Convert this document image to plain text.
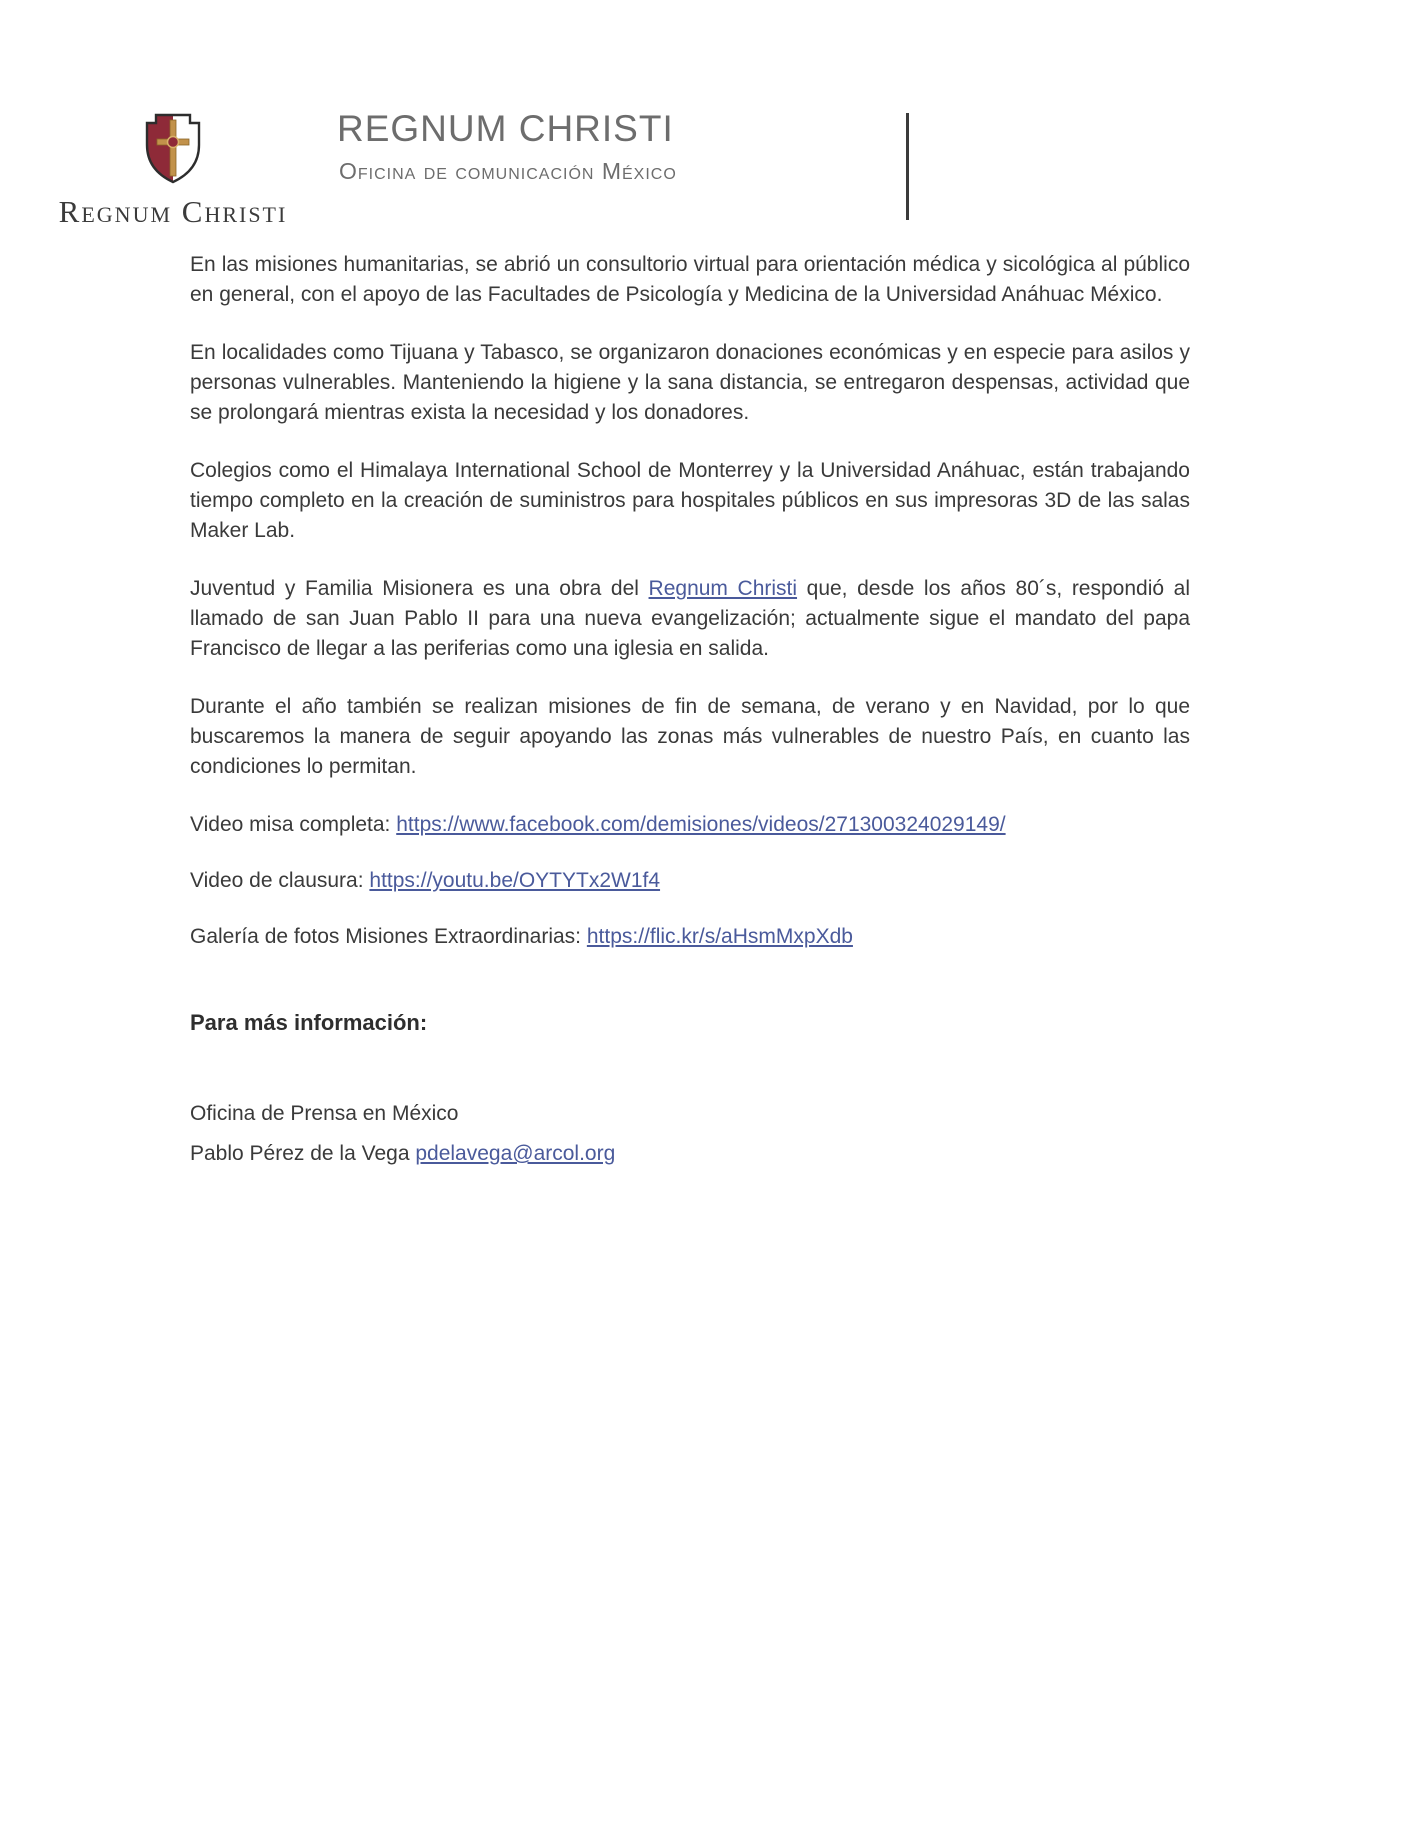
Regnum Christi
REGNUM CHRISTI
Oficina de comunicación México

En las misiones humanitarias, se abrió un consultorio virtual para orientación médica y sicológica al público en general, con el apoyo de las Facultades de Psicología y Medicina de la Universidad Anáhuac México.

En localidades como Tijuana y Tabasco, se organizaron donaciones económicas y en especie para asilos y personas vulnerables. Manteniendo la higiene y la sana distancia, se entregaron despensas, actividad que se prolongará mientras exista la necesidad y los donadores.

Colegios como el Himalaya International School de Monterrey y la Universidad Anáhuac, están trabajando tiempo completo en la creación de suministros para hospitales públicos en sus impresoras 3D de las salas Maker Lab.

Juventud y Familia Misionera es una obra del Regnum Christi que, desde los años 80´s, respondió al llamado de san Juan Pablo II para una nueva evangelización; actualmente sigue el mandato del papa Francisco de llegar a las periferias como una iglesia en salida.

Durante el año también se realizan misiones de fin de semana, de verano y en Navidad, por lo que buscaremos la manera de seguir apoyando las zonas más vulnerables de nuestro País, en cuanto las condiciones lo permitan.

Video misa completa: https://www.facebook.com/demisiones/videos/271300324029149/
Video de clausura: https://youtu.be/OYTYTx2W1f4
Galería de fotos Misiones Extraordinarias: https://flic.kr/s/aHsmMxpXdb
Para más información:
Oficina de Prensa en México
Pablo Pérez de la Vega pdelavega@arcol.org
